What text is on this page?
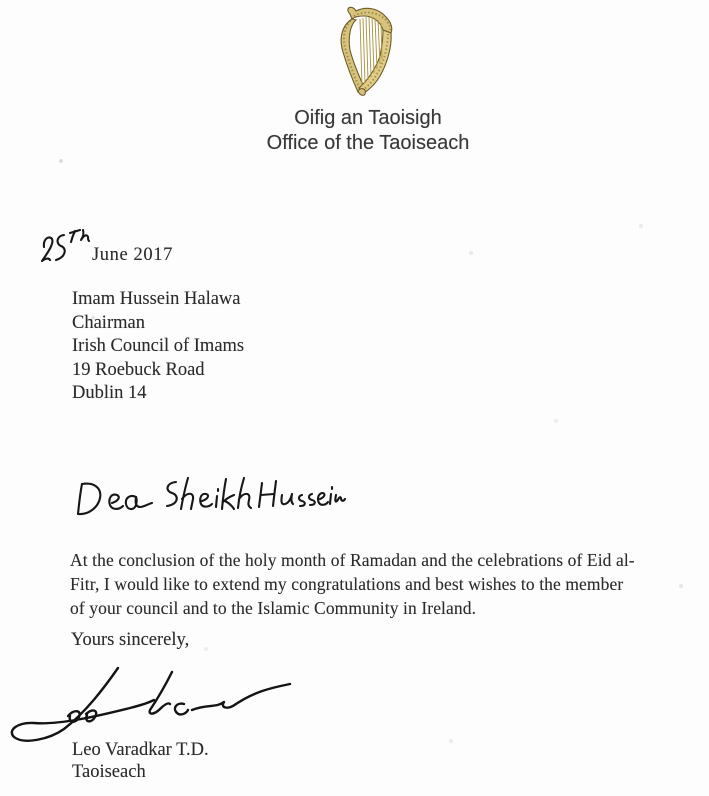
Oifig an Taoisigh
Office of the Taoiseach
June 2017
Imam Hussein Halawa
Chairman
Irish Council of Imams
19 Roebuck Road
Dublin 14
At the conclusion of the holy month of Ramadan and the celebrations of Eid al-
Fitr, I would like to extend my congratulations and best wishes to the member
of your council and to the Islamic Community in Ireland.
Yours sincerely,
Leo Varadkar T.D.
Taoiseach
